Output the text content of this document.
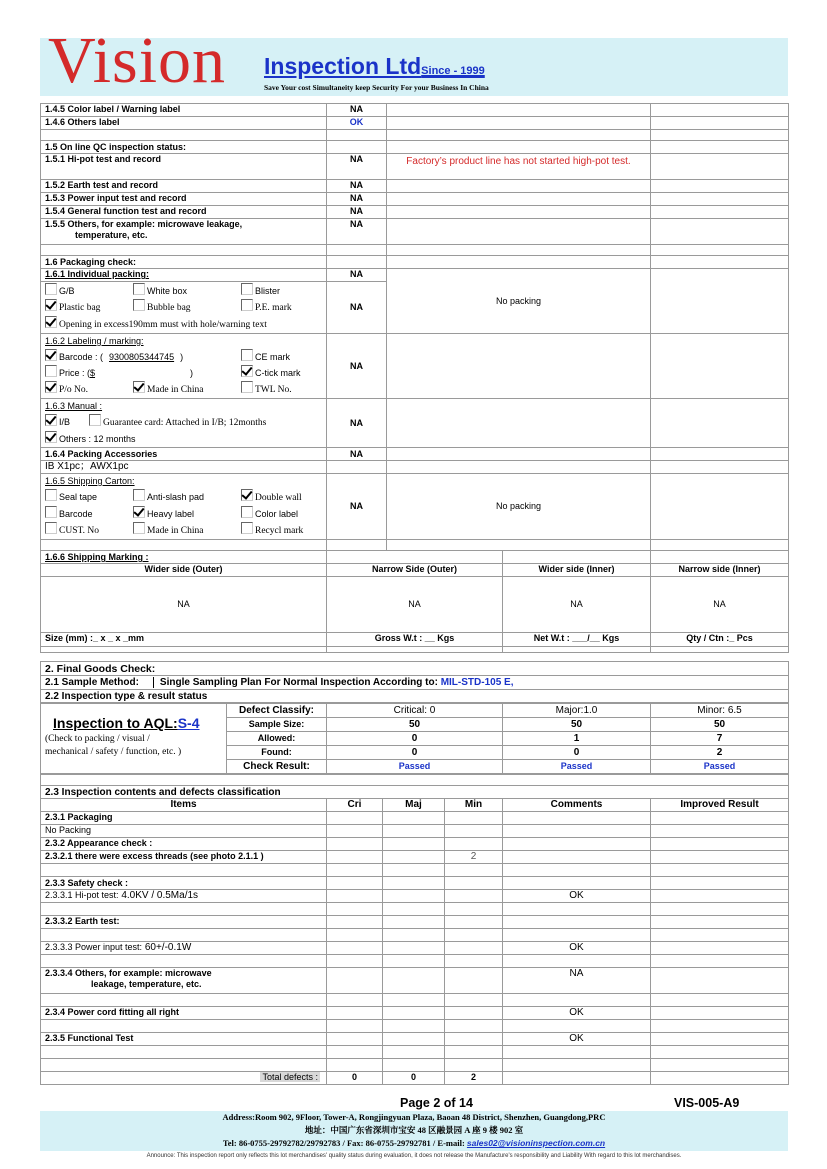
Vision Inspection LtdSince - 1999
Save Your cost Simultaneity keep Security For your Business In China
1.4.5 Color label / Warning label	NA			
1.4.6 Others label	OK			

1.5 On line QC inspection status:				
1.5.1 Hi-pot test and record	NA	Factory’s product line has not started high-pot test.		
1.5.2 Earth test and record	NA			
1.5.3 Power input test and record	NA			
1.5.4 General function test and record	NA			

1.5.5 Others, for example: microwave leakage,
temperature, etc.	NA			

1.6 Packaging check:				
1.6.1 Individual packing:	NA	No packing		

G/B White box Blister
Plastic bag Bubble bag P.E. mark
Opening in excess190mm must with hole/warning text	NA			

1.6.2 Labeling / marking:
Barcode : ( 9300805344745 ) CE mark
Price : ($ ) C-tick mark
P/o No. Made in China TWL No.	NA			

1.6.3 Manual :
I/B Guarantee card: Attached in I/B; 12months
Others : 12 months	NA			
1.6.4 Packing Accessories	NA			
IB X1pc；AWX1pc				

1.6.5 Shipping Carton:
Seal tape Anti-slash pad Double wall
Barcode Heavy label Color label
CUST. No Made in China Recycl mark	NA	No packing		

1.6.6 Shipping Marking :				
Wider side (Outer)	Narrow Side (Outer)		Wider side (Inner)	Narrow side (Inner)
NA	NA		NA	NA
Size (mm) :_ x _ x _mm	Gross W.t : __ Kgs		Net W.t : ___/__ Kgs	Qty / Ctn :_ Pcs

2. Final Goods Check:
2.1 Sample Method: Single Sampling Plan For Normal Inspection According to: MIL-STD-105 E,
2.2 Inspection type & result status
Inspection to AQL:S-4
(Check to packing / visual /
mechanical / safety / function, etc. )	Defect Classify:	Critical: 0	Major:1.0	Minor: 6.5
	Sample Size:	50	50	50
	Allowed:	0	1	7
	Found:	0	0	2
	Check Result:	Passed	Passed	Passed

2.3 Inspection contents and defects classification					
Items	Cri	Maj	Min	Comments	Improved Result
2.3.1 Packaging					
No Packing					
2.3.2 Appearance check :					
2.3.2.1 there were excess threads (see photo 2.1.1 )			2		

2.3.3 Safety check :					
2.3.3.1 Hi-pot test: 4.0KV / 0.5Ma/1s				OK	

2.3.3.2 Earth test:					

2.3.3.3 Power input test: 60+/-0.1W				OK	

2.3.3.4 Others, for example: microwave
leakage, temperature, etc.				NA	

2.3.4 Power cord fitting all right				OK	

2.3.5 Functional Test				OK	

Total defects :	0	0	2		
Page 2 of 14	VIS-005-A9
Address:Room 902, 9Floor, Tower-A, Rongjingyuan Plaza, Baoan 48 District, Shenzhen, Guangdong,PRC
地址：中国广东省深圳市宝安 48 区融景园 A 座 9 楼 902 室
Tel: 86-0755-29792782/29792783 / Fax: 86-0755-29792781 / E-mail: sales02@visioninspection.com.cn
Announce: This inspection report only reflects this lot merchandises' quality status during evaluation, it does not release the Manufacture's responsibility and Liability With regard to this lot merchandises.
